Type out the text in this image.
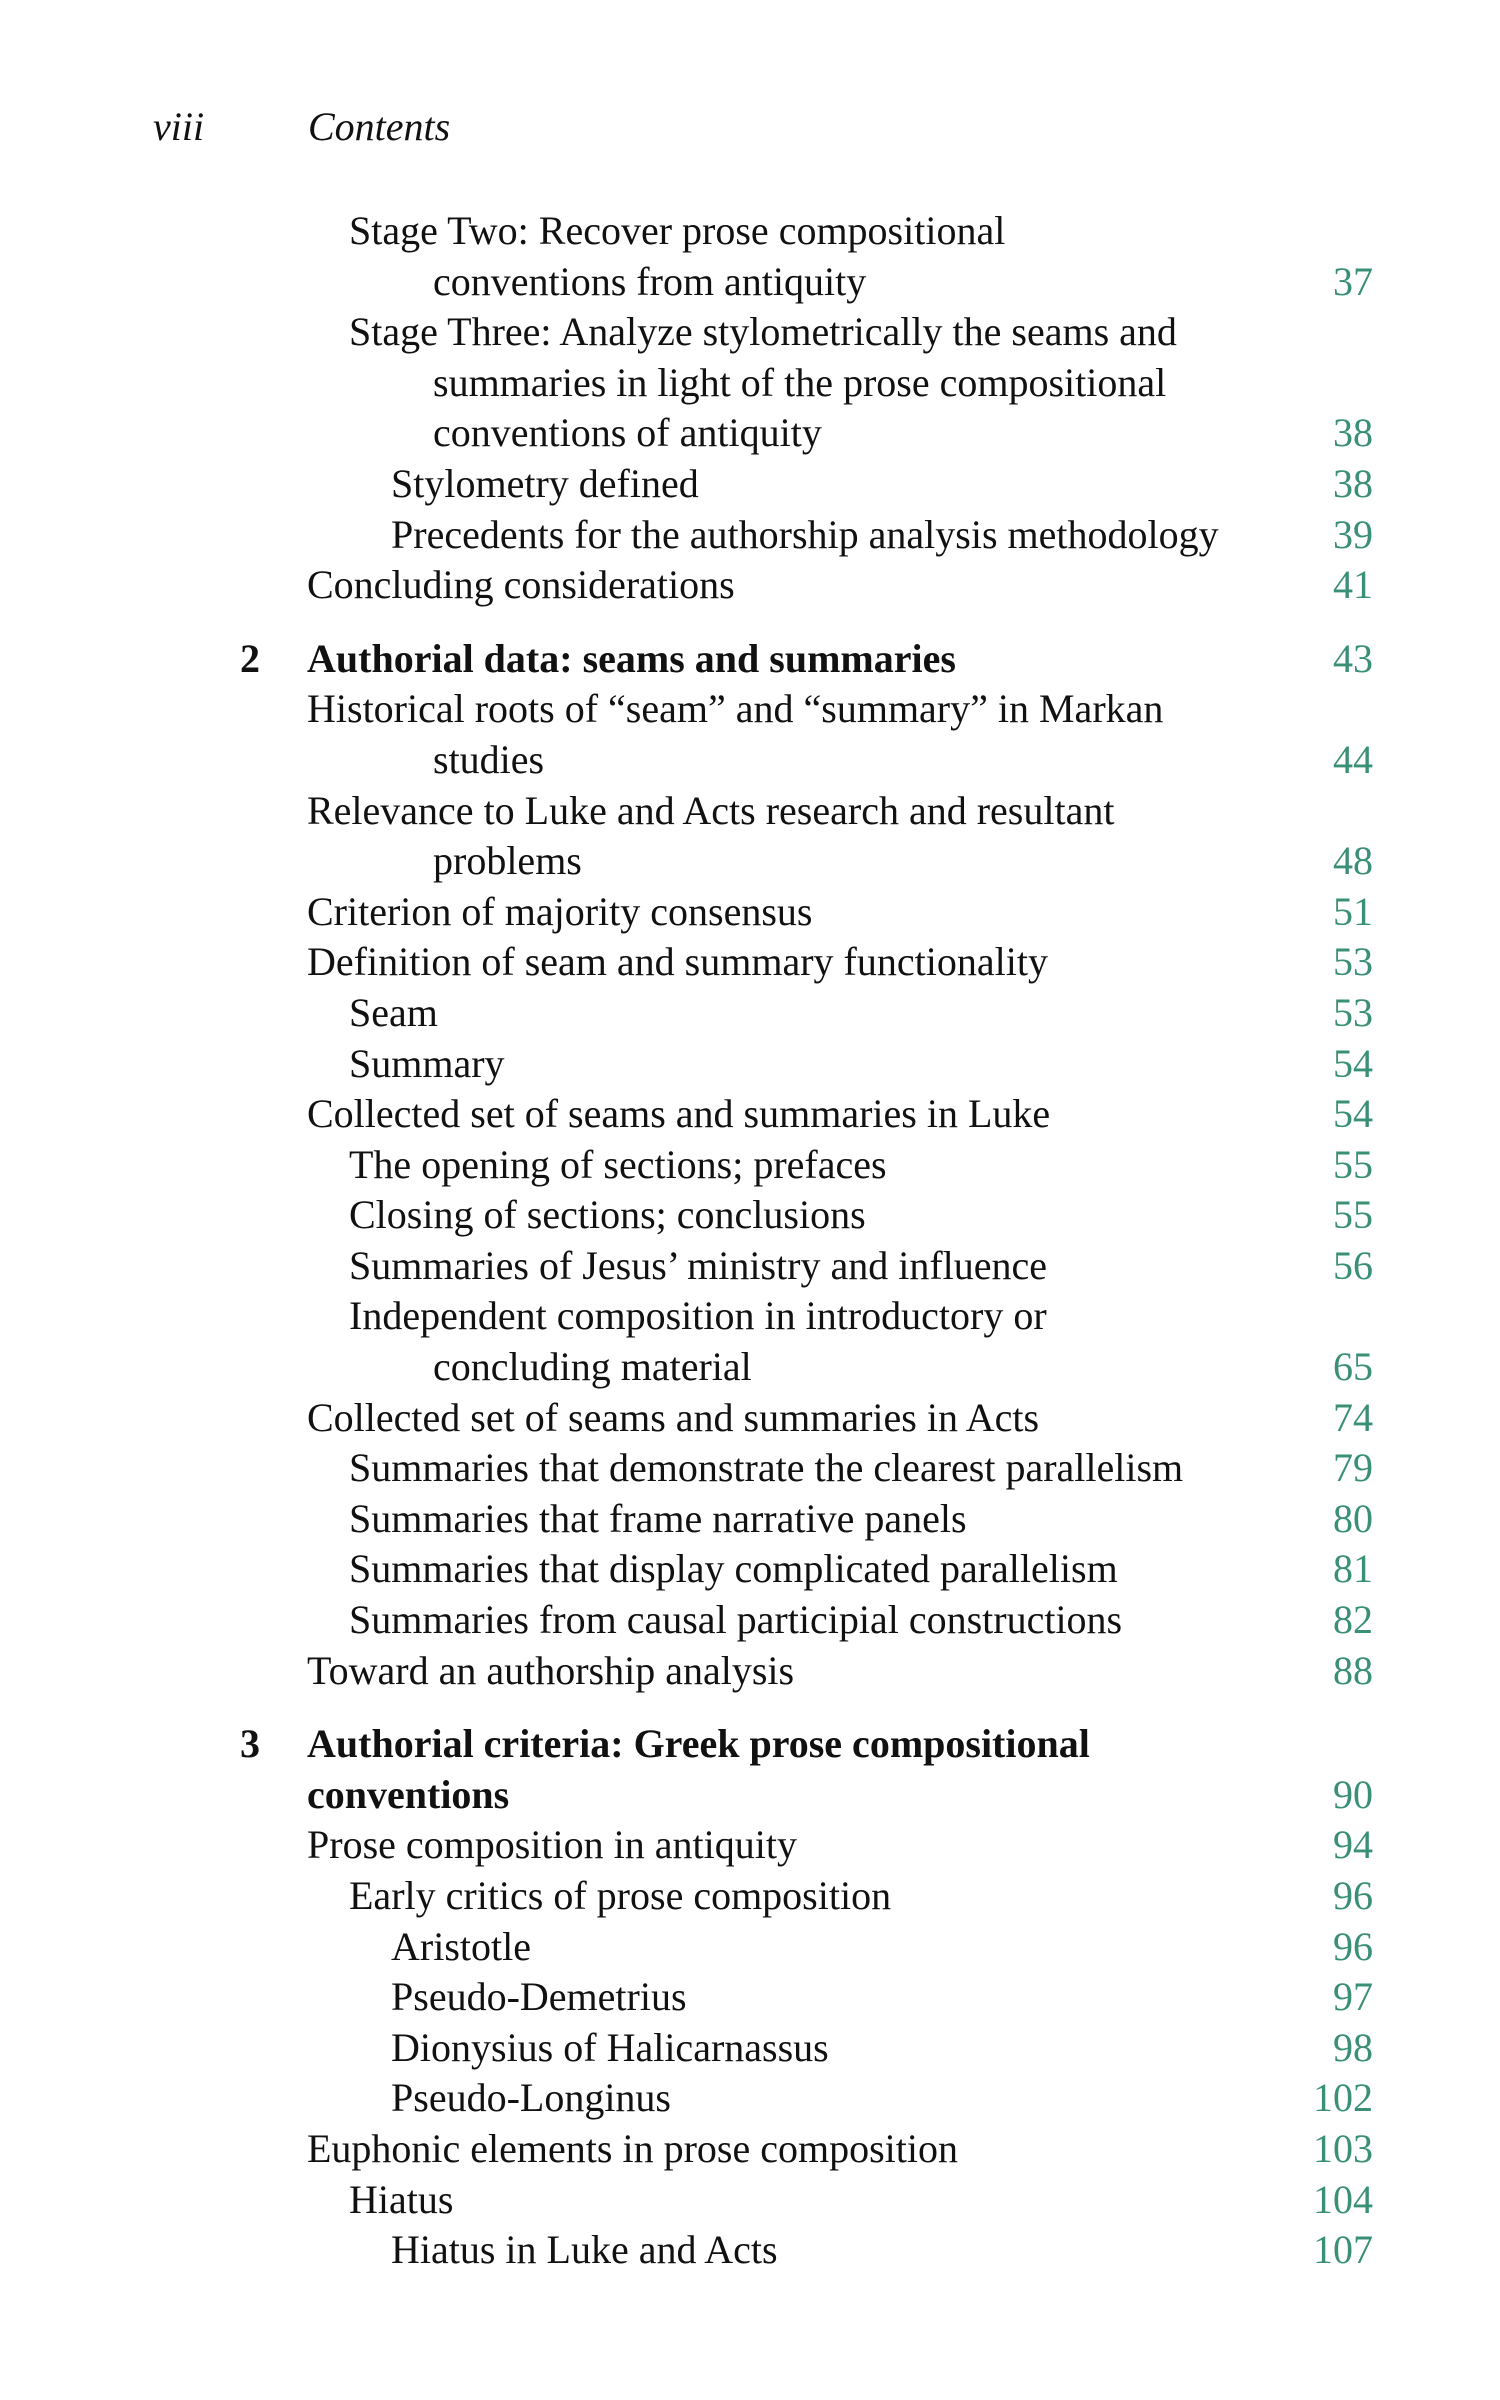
viii	Contents
Stage Two: Recover prose compositional
conventions from antiquity	37
Stage Three: Analyze stylometrically the seams and
summaries in light of the prose compositional
conventions of antiquity	38
Stylometry defined	38
Precedents for the authorship analysis methodology	39
Concluding considerations	41
2	Authorial data: seams and summaries	43
Historical roots of “seam” and “summary” in Markan
studies	44
Relevance to Luke and Acts research and resultant
problems	48
Criterion of majority consensus	51
Definition of seam and summary functionality	53
Seam	53
Summary	54
Collected set of seams and summaries in Luke	54
The opening of sections; prefaces	55
Closing of sections; conclusions	55
Summaries of Jesus’ ministry and influence	56
Independent composition in introductory or
concluding material	65
Collected set of seams and summaries in Acts	74
Summaries that demonstrate the clearest parallelism	79
Summaries that frame narrative panels	80
Summaries that display complicated parallelism	81
Summaries from causal participial constructions	82
Toward an authorship analysis	88
3	Authorial criteria: Greek prose compositional
conventions	90
Prose composition in antiquity	94
Early critics of prose composition	96
Aristotle	96
Pseudo-Demetrius	97
Dionysius of Halicarnassus	98
Pseudo-Longinus	102
Euphonic elements in prose composition	103
Hiatus	104
Hiatus in Luke and Acts	107
